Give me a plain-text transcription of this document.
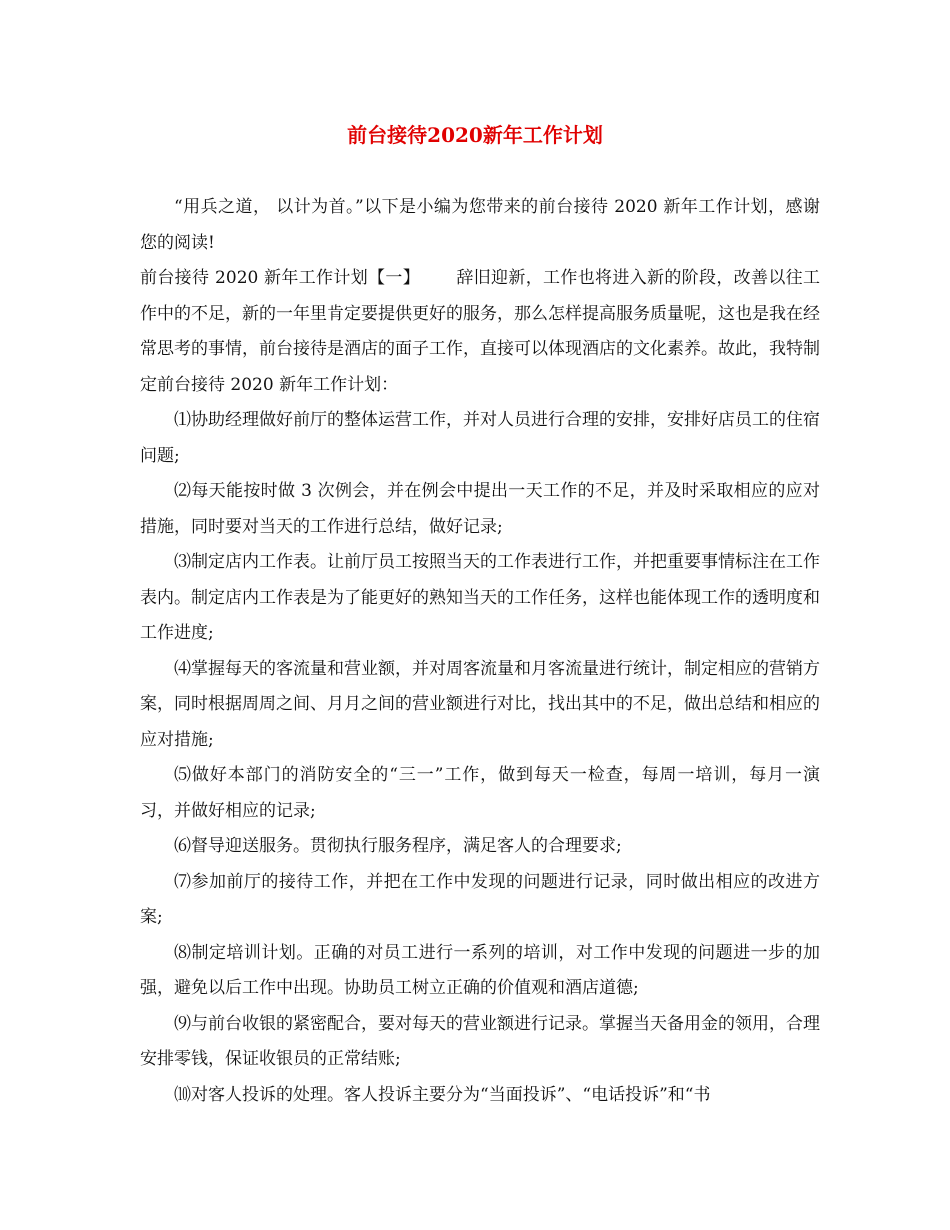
前台接待2020新年工作计划

“用兵之道， 以计为首。”以下是小编为您带来的前台接待 2020 新年工作计划，感谢您的阅读!

前台接待 2020 新年工作计划【一】 辞旧迎新，工作也将进入新的阶段，改善以往工作中的不足，新的一年里肯定要提供更好的服务，那么怎样提高服务质量呢，这也是我在经常思考的事情，前台接待是酒店的面子工作，直接可以体现酒店的文化素养。故此，我特制定前台接待 2020 新年工作计划：

⑴协助经理做好前厅的整体运营工作，并对人员进行合理的安排，安排好店员工的住宿问题;

⑵每天能按时做 3 次例会，并在例会中提出一天工作的不足，并及时采取相应的应对措施，同时要对当天的工作进行总结，做好记录;

⑶制定店内工作表。让前厅员工按照当天的工作表进行工作，并把重要事情标注在工作表内。制定店内工作表是为了能更好的熟知当天的工作任务，这样也能体现工作的透明度和工作进度;

⑷掌握每天的客流量和营业额，并对周客流量和月客流量进行统计，制定相应的营销方案，同时根据周周之间、月月之间的营业额进行对比，找出其中的不足，做出总结和相应的应对措施;

⑸做好本部门的消防安全的“三一”工作，做到每天一检查，每周一培训，每月一演习，并做好相应的记录;

⑹督导迎送服务。贯彻执行服务程序，满足客人的合理要求;

⑺参加前厅的接待工作，并把在工作中发现的问题进行记录，同时做出相应的改进方案;

⑻制定培训计划。正确的对员工进行一系列的培训，对工作中发现的问题进一步的加强，避免以后工作中出现。协助员工树立正确的价值观和酒店道德;

⑼与前台收银的紧密配合，要对每天的营业额进行记录。掌握当天备用金的领用，合理安排零钱，保证收银员的正常结账;

⑽对客人投诉的处理。客人投诉主要分为“当面投诉”、“电话投诉”和“书
